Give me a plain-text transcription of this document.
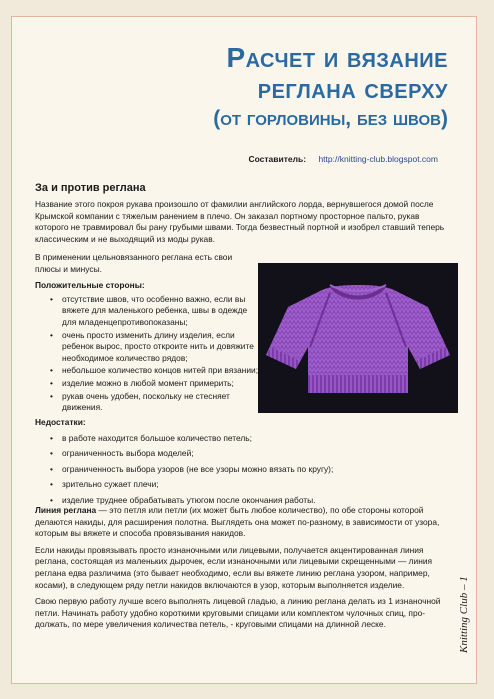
Расчет и вязание
реглана сверху
(от горловины, без швов)
Составитель: http://knitting-club.blogspot.com
За и против реглана

Название этого покроя рукава произошло от фамилии английского лорда, вернувшегося домой после Крымской компании с тяжелым ранением в плечо. Он заказал портному просторное пальто, рукав которого не травмировал бы рану грубыми швами. Тогда безвестный портной и изобрел ставший теперь классическим и не выходящий из моды рукав.

В применении цельновязанного реглана есть свои плюсы и минусы.

Положительные стороны:

• отсутствие швов, что особенно важно, если вы вяжете для маленького ребенка, швы в одежде для младенцепротивопоказаны;
• очень просто изменить длину изделия, если ребенок вырос, просто откроите нить и довяжите необходимое количество рядов;
• небольшое количество концов нитей при вязании;
• изделие можно в любой момент примерить;
• рукав очень удобен, поскольку не стесняет движения.

Недостатки:

• в работе находится большое количество петель;
• ограниченность выбора моделей;
• ограниченность выбора узоров (не все узоры можно вязать по кругу);
• зрительно сужает плечи;
• изделие труднее обрабатывать утюгом после окончания работы.

Линия реглана — это петля или петли (их может быть любое количество), по обе стороны которой делаются накиды, для расширения полотна. Выглядеть она может по-разному, в зависимости от узора, которым вы вяжете и способа провязывания накидов.

Если накиды провязывать просто изнаночными или лицевыми, получается акцентированная линия реглана, состоящая из маленьких дырочек, если изнаночными или лицевыми скрещенными — линия реглана едва различима (это бывает необходимо, если вы вяжете линию реглана узором, например, косами), в следующем ряду петли накидов включаются в узор, которым выполняется изделие.

Свою первую работу лучше всего выполнять лицевой гладью, а линию реглана делать из 1 изнаночной петли. Начинать работу удобно короткими круговыми спицами или комплектом чулочных спиц, про-должать, по мере увеличения количества петель, - круговыми спицами на длинной леске.	Knitting Club – 1
